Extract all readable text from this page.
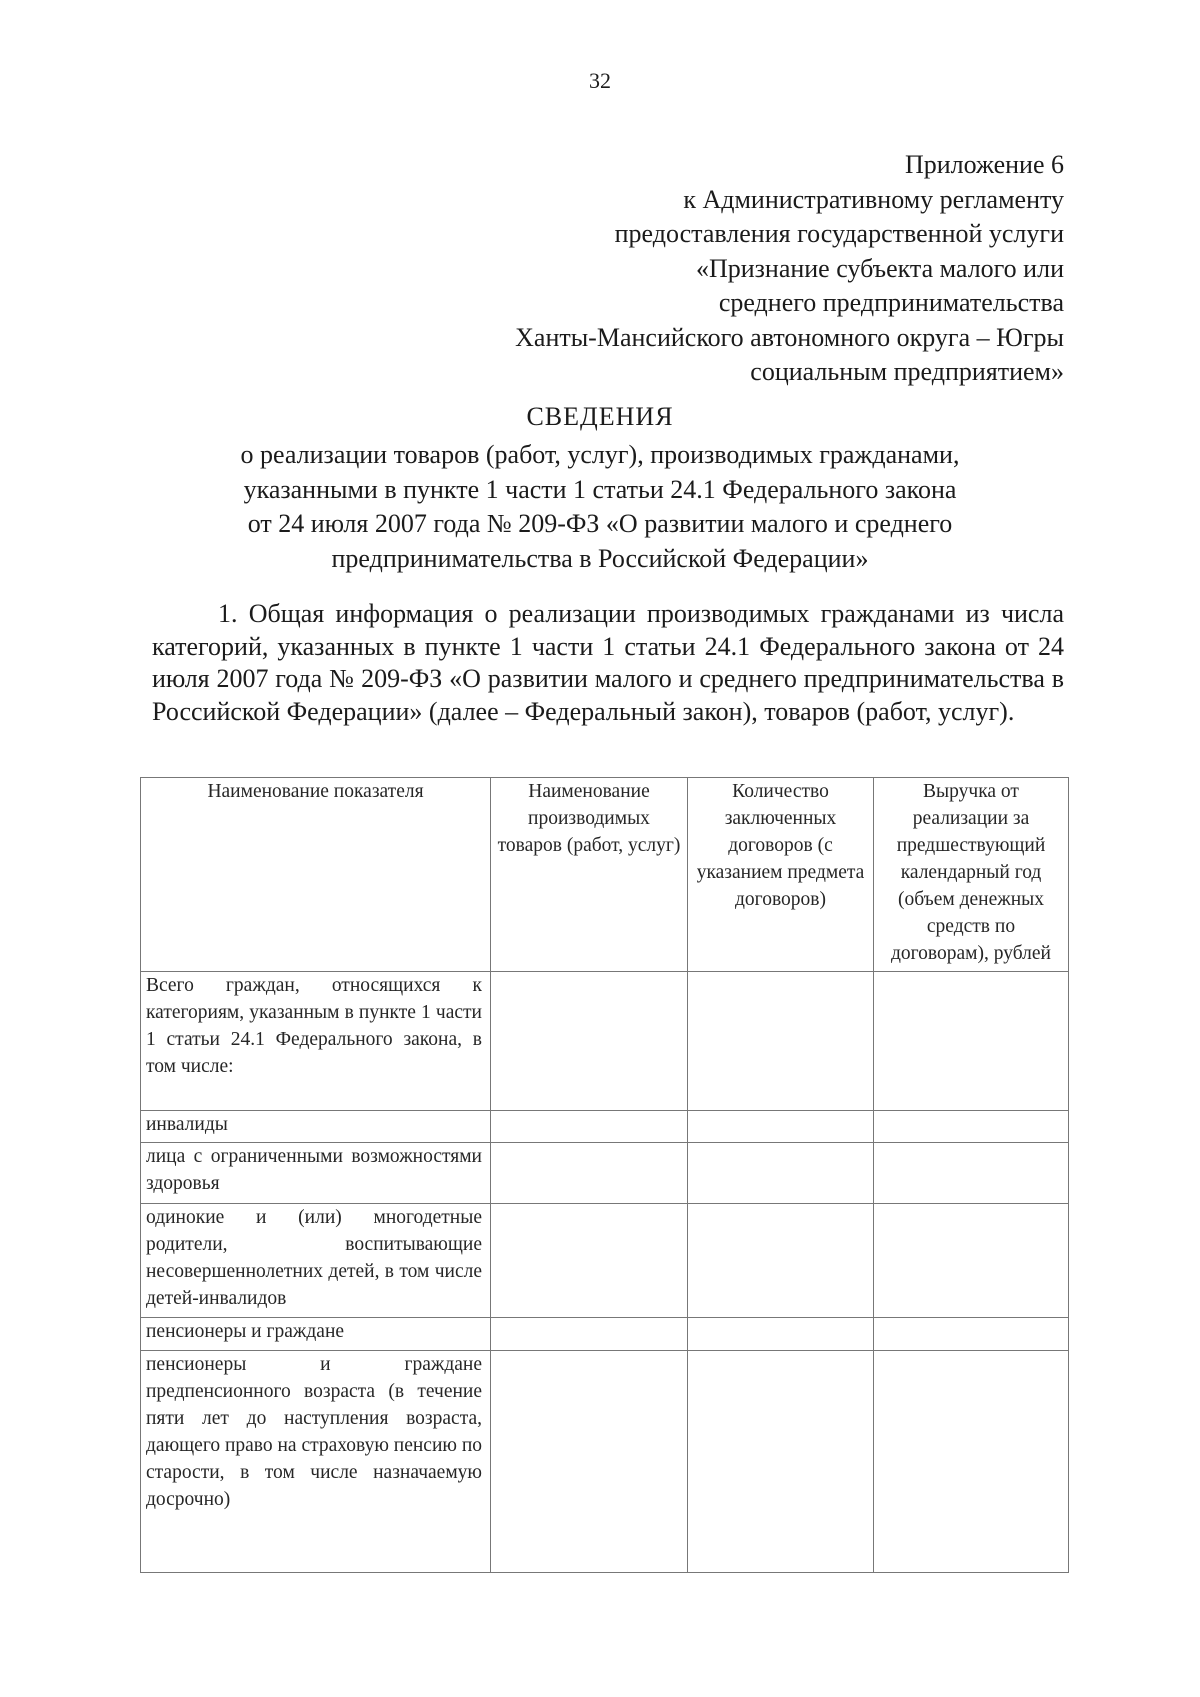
32
Приложение 6
к Административному регламенту
предоставления государственной услуги
«Признание субъекта малого или
среднего предпринимательства
Ханты-Мансийского автономного округа – Югры
социальным предприятием»
СВЕДЕНИЯ
о реализации товаров (работ, услуг), производимых гражданами,
указанными в пункте 1 части 1 статьи 24.1 Федерального закона
от 24 июля 2007 года № 209-ФЗ «О развитии малого и среднего
предпринимательства в Российской Федерации»
1. Общая информация о реализации производимых гражданами из числа категорий, указанных в пункте 1 части 1 статьи 24.1 Федерального закона от 24 июля 2007 года № 209-ФЗ «О развитии малого и среднего предпринимательства в Российской Федерации» (далее – Федеральный закон), товаров (работ, услуг).
Наименование показателя	Наименование производимых товаров (работ, услуг)	Количество заключенных договоров (с указанием предмета договоров)	Выручка от реализации за предшествующий календарный год (объем денежных средств по договорам), рублей
Всего граждан, относящихся к категориям, указанным в пункте 1 части 1 статьи 24.1 Федерального закона, в том числе:			
инвалиды			
лица с ограниченными возможностями здоровья			
одинокие и (или) многодетные родители, воспитывающие несовершеннолетних детей, в том числе детей-инвалидов			
пенсионеры и граждане			
пенсионеры и граждане предпенсионного возраста (в течение пяти лет до наступления возраста, дающего право на страховую пенсию по старости, в том числе назначаемую досрочно)			
